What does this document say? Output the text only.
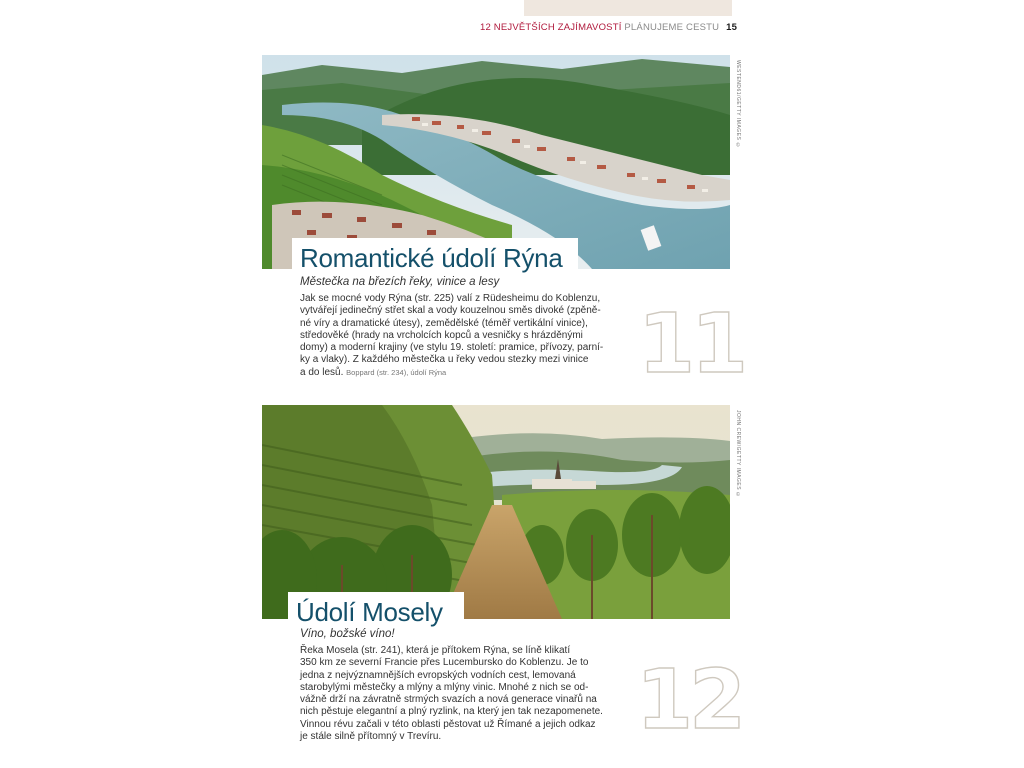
12 NEJVĚTŠÍCH ZAJÍMAVOSTÍ PLÁNUJEME CESTU 15
WESTEND61/GETTY IMAGES ©
Romantické údolí Rýna
Městečka na březích řeky, vinice a lesy
Jak se mocné vody Rýna (str. 225) valí z Rüdesheimu do Koblenzu,
vytvářejí jedinečný střet skal a vody kouzelnou směs divoké (zpěně-
né víry a dramatické útesy), zemědělské (téměř vertikální vinice),
středověké (hrady na vrcholcích kopců a vesničky s hrázděnými
domy) a moderní krajiny (ve stylu 19. století: pramice, přívozy, parní-
ky a vlaky). Z každého městečka u řeky vedou stezky mezi vinice
a do lesů. Boppard (str. 234), údolí Rýna	11
JOHN CREW/GETTY IMAGES ©
Údolí Mosely
Víno, božské víno!
Řeka Mosela (str. 241), která je přítokem Rýna, se líně klikatí
350 km ze severní Francie přes Lucembursko do Koblenzu. Je to
jedna z nejvýznamnějších evropských vodních cest, lemovaná
starobylými městečky a mlýny a mlýny vinic. Mnohé z nich se od-
vážně drží na závratně strmých svazích a nová generace vinařů na
nich pěstuje elegantní a plný ryzlink, na který jen tak nezapomenete.
Vinnou révu začali v této oblasti pěstovat už Římané a jejich odkaz
je stále silně přítomný v Trevíru.	12
